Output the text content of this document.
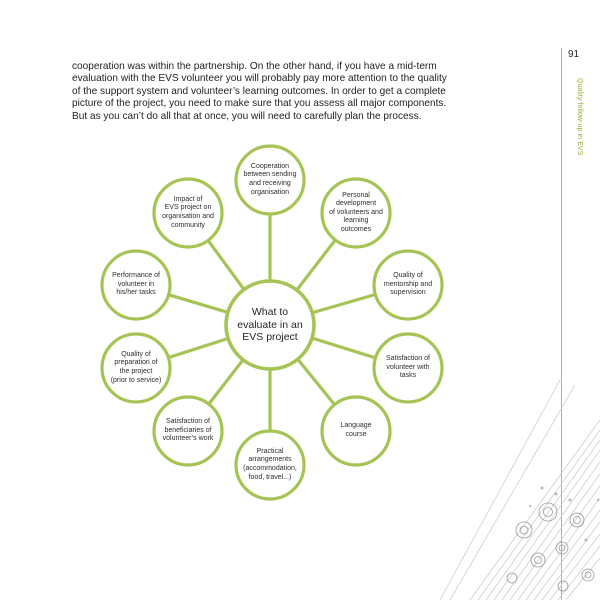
cooperation was within the partnership. On the other hand, if you have a mid-term
evaluation with the EVS volunteer you will probably pay more attention to the quality
of the support system and volunteer’s learning outcomes. In order to get a complete
picture of the project, you need to make sure that you assess all major components.
But as you can’t do all that at once, you will need to carefully plan the process.
91
Quality follow-up in EVS
Cooperation
between sending
and receiving
organisation	Personal
development
of volunteers and
learning
outcomes
Quality of
mentorship and
supervision
Satisfaction of
volunteer with
tasks
Language
course
Practical
arrangements
(accommodation,
food, travel...)
Satisfaction of
beneficiaries of
volunteer’s work
Quality of
preparation of
the project
(prior to service)
Performance of
volunteer in
his/her tasks
Impact of
EVS project on
organisation and
community
What to
evaluate in an
EVS project
